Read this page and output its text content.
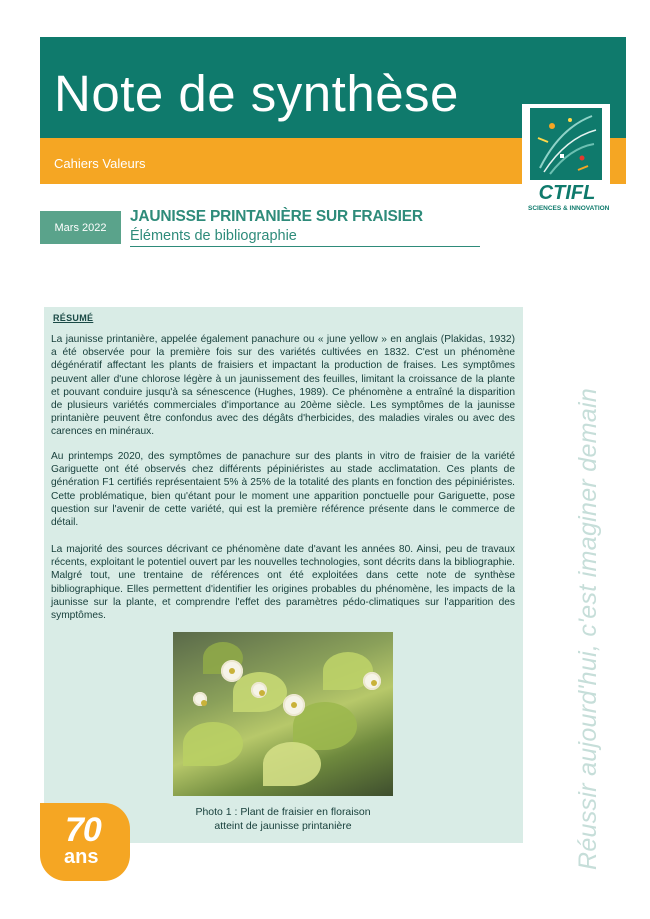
Note de synthèse
Cahiers Valeurs
CTIFL
SCIENCES & INNOVATION
Mars 2022
JAUNISSE PRINTANIÈRE SUR FRAISIER
Éléments de bibliographie
Réussir aujourd'hui, c'est imaginer demain
RÉSUMÉ

La jaunisse printanière, appelée également panachure ou « june yellow » en anglais (Plakidas, 1932) a été observée pour la première fois sur des variétés cultivées en 1832. C'est un phénomène dégénératif affectant les plants de fraisiers et impactant la production de fraises. Les symptômes peuvent aller d'une chlorose légère à un jaunissement des feuilles, limitant la croissance de la plante et pouvant conduire jusqu'à sa sénescence (Hughes, 1989). Ce phénomène a entraîné la disparition de plusieurs variétés commerciales d'importance au 20ème siècle. Les symptômes de la jaunisse printanière peuvent être confondus avec des dégâts d'herbicides, des maladies virales ou avec des carences en minéraux.

Au printemps 2020, des symptômes de panachure sur des plants in vitro de fraisier de la variété Gariguette ont été observés chez différents pépiniéristes au stade acclimatation. Ces plants de génération F1 certifiés représentaient 5% à 25% de la totalité des plants en fonction des pépiniéristes. Cette problématique, bien qu'étant pour le moment une apparition ponctuelle pour Gariguette, pose question sur l'avenir de cette variété, qui est la première référence présente dans le commerce de détail.

La majorité des sources décrivant ce phénomène date d'avant les années 80. Ainsi, peu de travaux récents, exploitant le potentiel ouvert par les nouvelles technologies, sont décrits dans la bibliographie. Malgré tout, une trentaine de références ont été exploitées dans cette note de synthèse bibliographique. Elles permettent d'identifier les origines probables du phénomène, les impacts de la jaunisse sur la plante, et comprendre l'effet des paramètres pédo-climatiques sur l'apparition des symptômes.

Photo 1 : Plant de fraisier en floraison
atteint de jaunisse printanière
70
ans
